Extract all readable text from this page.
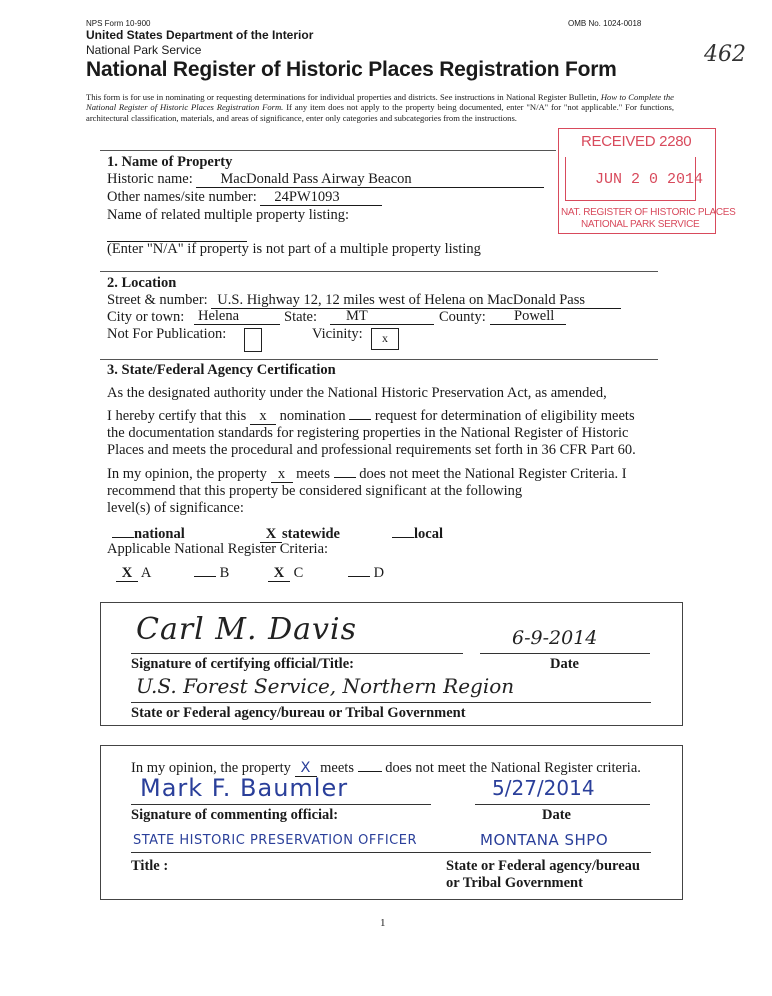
NPS Form 10-900	OMB No. 1024-0018
United States Department of the Interior
National Park Service
National Register of Historic Places Registration Form
462
This form is for use in nominating or requesting determinations for individual properties and districts. See instructions in National Register Bulletin, How to Complete the National Register of Historic Places Registration Form. If any item does not apply to the property being documented, enter "N/A" for "not applicable." For functions, architectural classification, materials, and areas of significance, enter only categories and subcategories from the instructions.
RECEIVED 2280
JUN 2 0 2014
NAT. REGISTER OF HISTORIC PLACES
NATIONAL PARK SERVICE
1. Name of Property
Historic name: MacDonald Pass Airway Beacon
Other names/site number: 24PW1093
Name of related multiple property listing:
(Enter "N/A" if property is not part of a multiple property listing
2. Location
Street & number: U.S. Highway 12, 12 miles west of Helena on MacDonald Pass
City or town: Helena	State:	MT	County:	Powell
Not For Publication:	Vicinity:	x
3. State/Federal Agency Certification
As the designated authority under the National Historic Preservation Act, as amended,
I hereby certify that this x nomination  request for determination of eligibility meets
the documentation standards for registering properties in the National Register of Historic
Places and meets the procedural and professional requirements set forth in 36 CFR Part 60.
In my opinion, the property x meets  does not meet the National Register Criteria. I
recommend that this property be considered significant at the following
level(s) of significance:
national	X statewide	local
Applicable National Register Criteria:
X A	B	X C	D
Carl M. Davis	6-9-2014
Signature of certifying official/Title:	Date
U.S. Forest Service, Northern Region
State or Federal agency/bureau or Tribal Government
In my opinion, the property X meets  does not meet the National Register criteria.
Mark F. Baumler	5/27/2014
Signature of commenting official:	Date
STATE HISTORIC PRESERVATION OFFICER	MONTANA SHPO
Title :	State or Federal agency/bureau
or Tribal Government
1
